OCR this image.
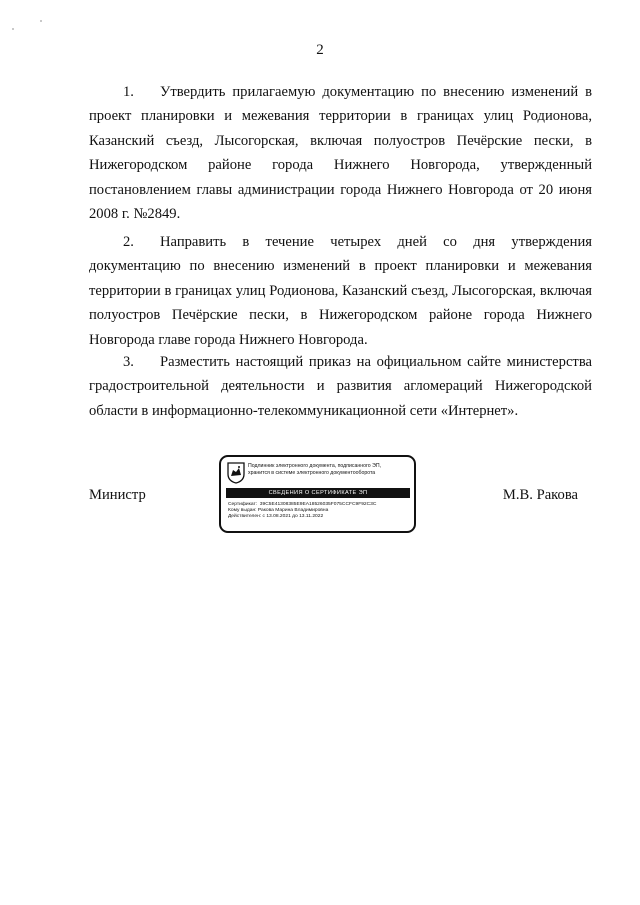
2

1. Утвердить прилагаемую документацию по внесению изменений в проект планировки и межевания территории в границах улиц Родионова, Казанский съезд, Лысогорская, включая полуостров Печёрские пески, в Нижегородском районе города Нижнего Новгорода, утвержденный постановлением главы администрации города Нижнего Новгорода от 20 июня 2008 г. №2849.

2. Направить в течение четырех дней со дня утверждения документацию по внесению изменений в проект планировки и межевания территории в границах улиц Родионова, Казанский съезд, Лысогорская, включая полуостров Печёрские пески, в Нижегородском районе города Нижнего Новгорода главе города Нижнего Новгорода.

3. Разместить настоящий приказ на официальном сайте министерства градостроительной деятельности и развития агломераций Нижегородской области в информационно-телекоммуникационной сети «Интернет».

Министр	М.В. Ракова
Подлинник электронного документа, подписанного ЭП,
хранится в системе электронного документооборота
СВЕДЕНИЯ О СЕРТИФИКАТЕ ЭП
Сертификат: 39C5E41308385E9EA18526035F075CCFC9F92C3C
Кому выдан: Ракова Марина Владимировна
Действителен: с 13.08.2021 до 13.11.2022
